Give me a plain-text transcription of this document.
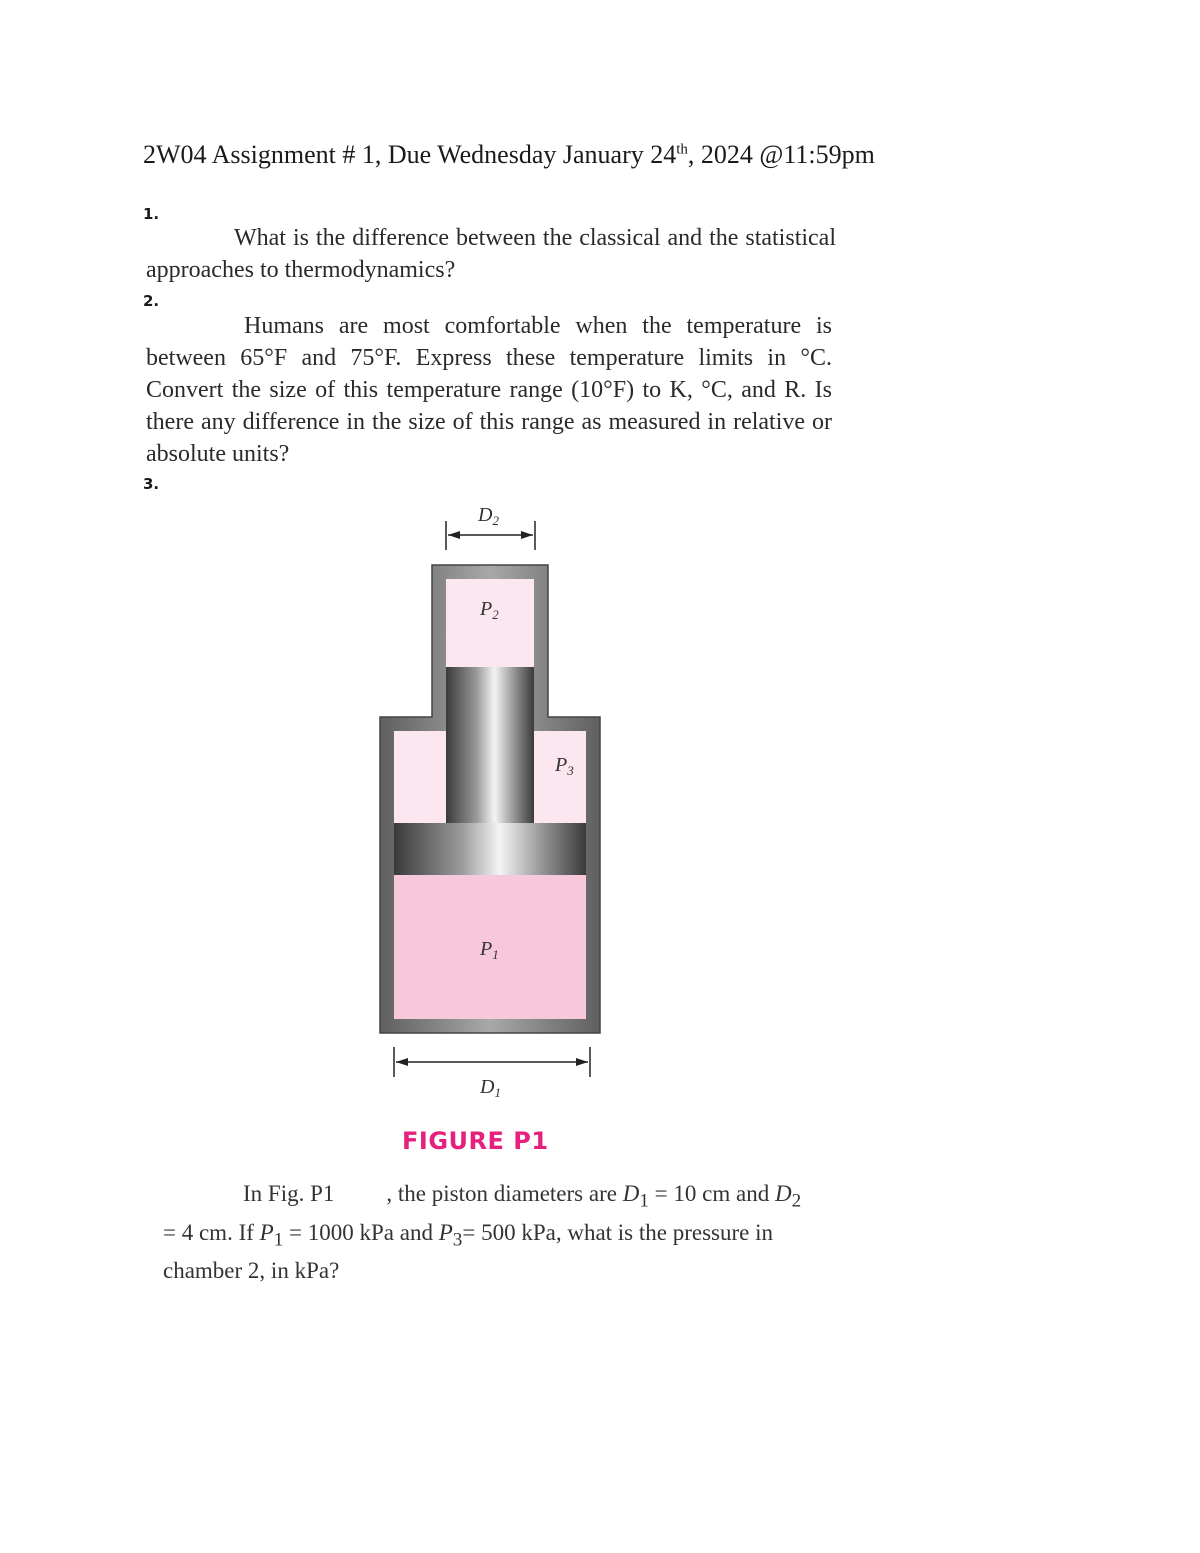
2W04 Assignment # 1, Due Wednesday January 24th, 2024 @11:59pm
1.
What is the difference between the classical and the statistical approaches to thermodynamics?
2.
Humans are most comfortable when the temperature is between 65°F and 75°F. Express these temperature limits in °C. Convert the size of this temperature range (10°F) to K, °C, and R. Is there any difference in the size of this range as measured in relative or absolute units?
3.
$D_2$
$P_2$
$P_3$
$P_1$
$D_1$
FIGURE P1
In Fig. P1 , the piston diameters are $D_1 = 10$ cm and $D_2 = 4$ cm. If $P_1 = 1000$ kPa and $P_3= 500$ kPa, what is the pressure in chamber 2, in kPa?
